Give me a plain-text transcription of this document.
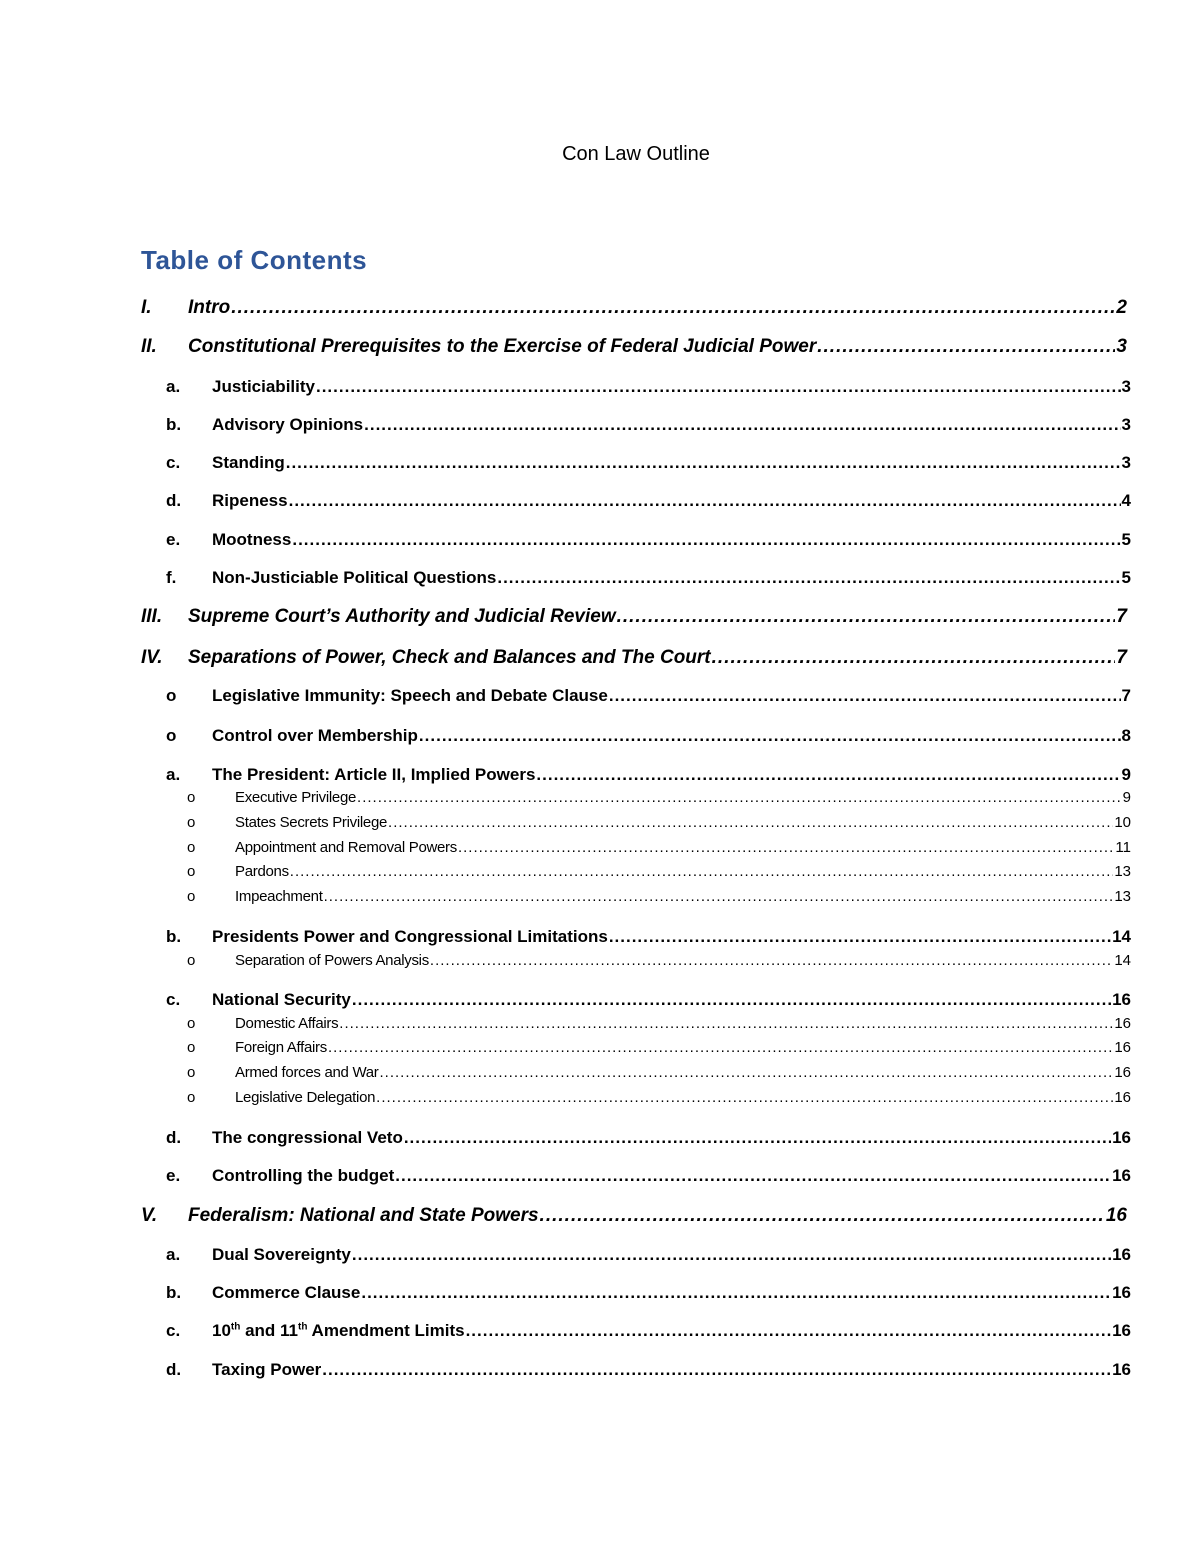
Con Law Outline
Table of Contents
I.	Intro .....	2
II.	Constitutional Prerequisites to the Exercise of Federal Judicial Power .....	3
a.	Justiciability .....	3
b.	Advisory Opinions .....	3
c.	Standing .....	3
d.	Ripeness .....	4
e.	Mootness .....	5
f.	Non-Justiciable Political Questions .....	5
III.	Supreme Court’s Authority and Judicial Review .....	7
IV.	Separations of Power, Check and Balances and The Court .....	7
o	Legislative Immunity: Speech and Debate Clause .....	7
o	Control over Membership .....	8
a.	The President: Article II, Implied Powers .....	9
o	Executive Privilege .....	9
o	States Secrets Privilege .....	10
o	Appointment and Removal Powers .....	11
o	Pardons .....	13
o	Impeachment .....	13
b.	Presidents Power and Congressional Limitations .....	14
o	Separation of Powers Analysis .....	14
c.	National Security .....	16
o	Domestic Affairs .....	16
o	Foreign Affairs .....	16
o	Armed forces and War .....	16
o	Legislative Delegation .....	16
d.	The congressional Veto .....	16
e.	Controlling the budget .....	16
V.	Federalism: National and State Powers .....	16
a.	Dual Sovereignty .....	16
b.	Commerce Clause .....	16
c.	10th and 11th Amendment Limits .....	16
d.	Taxing Power .....	16
